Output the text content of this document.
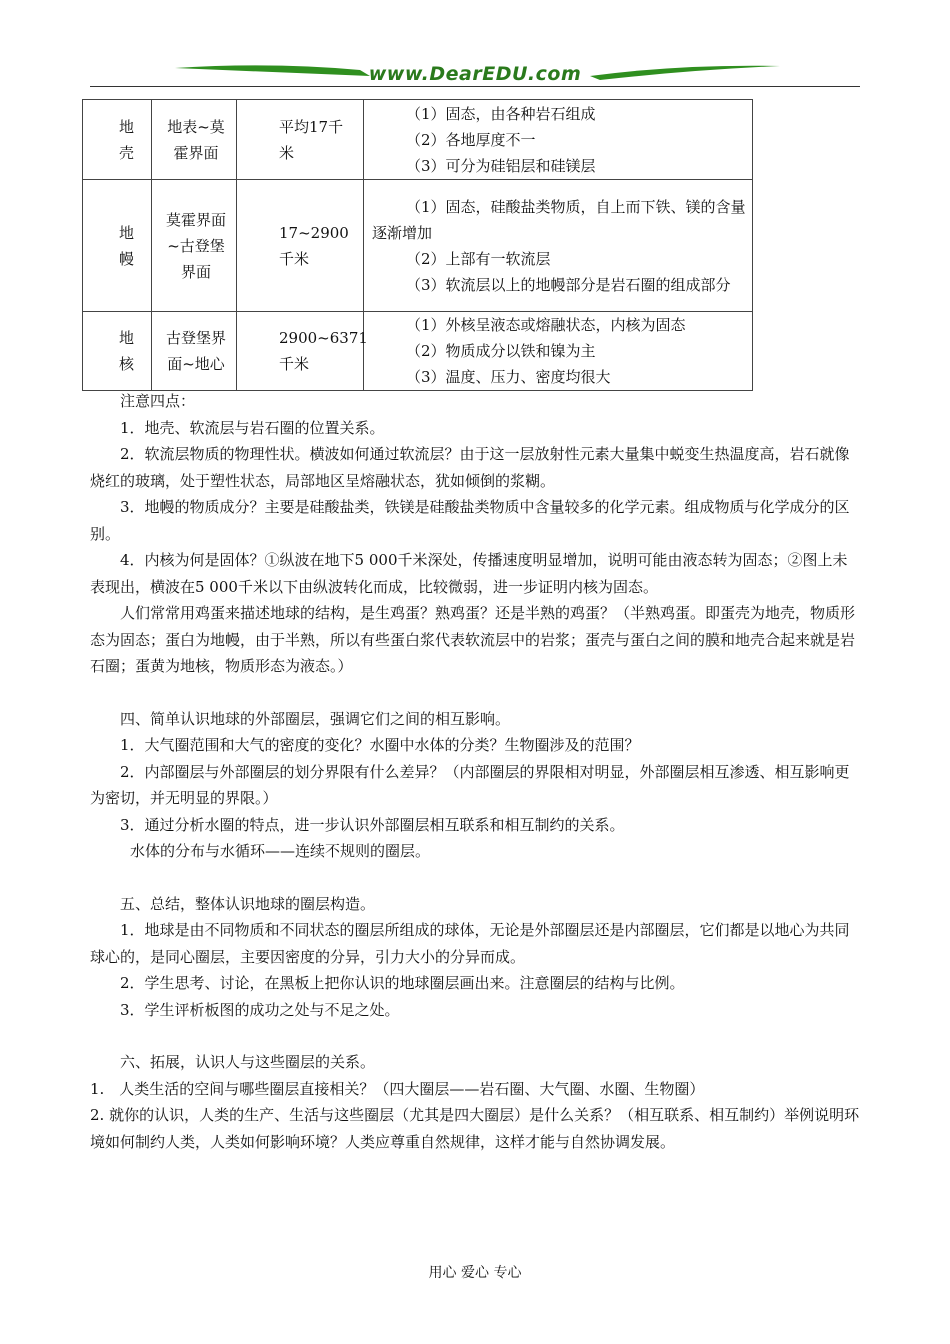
www.DearEDU.com
地壳	地表~莫霍界面	平均17千米	（1）固态，由各种岩石组成

（2）各地厚度不一

（3）可分为硅铝层和硅镁层

地幔	莫霍界面~古登堡界面	17~2900千米	（1）固态，硅酸盐类物质，自上而下铁、镁的含量逐渐增加

（2）上部有一软流层

（3）软流层以上的地幔部分是岩石圈的组成部分

地核	古登堡界面~地心	2900~6371千米	（1）外核呈液态或熔融状态，内核为固态

（2）物质成分以铁和镍为主

（3）温度、压力、密度均很大

注意四点：

1．地壳、软流层与岩石圈的位置关系。

2．软流层物质的物理性状。横波如何通过软流层？由于这一层放射性元素大量集中蜕变生热温度高，岩石就像烧红的玻璃，处于塑性状态，局部地区呈熔融状态，犹如倾倒的浆糊。

3．地幔的物质成分？主要是硅酸盐类，铁镁是硅酸盐类物质中含量较多的化学元素。组成物质与化学成分的区别。

4．内核为何是固体？①纵波在地下5 000千米深处，传播速度明显增加，说明可能由液态转为固态；②图上未表现出，横波在5 000千米以下由纵波转化而成，比较微弱，进一步证明内核为固态。

人们常常用鸡蛋来描述地球的结构，是生鸡蛋？熟鸡蛋？还是半熟的鸡蛋？（半熟鸡蛋。即蛋壳为地壳，物质形态为固态；蛋白为地幔，由于半熟，所以有些蛋白浆代表软流层中的岩浆；蛋壳与蛋白之间的膜和地壳合起来就是岩石圈；蛋黄为地核，物质形态为液态。）

四、简单认识地球的外部圈层，强调它们之间的相互影响。

1．大气圈范围和大气的密度的变化？水圈中水体的分类？生物圈涉及的范围？

2．内部圈层与外部圈层的划分界限有什么差异？（内部圈层的界限相对明显，外部圈层相互渗透、相互影响更为密切，并无明显的界限。）

3．通过分析水圈的特点，进一步认识外部圈层相互联系和相互制约的关系。

水体的分布与水循环——连续不规则的圈层。

五、总结，整体认识地球的圈层构造。

1．地球是由不同物质和不同状态的圈层所组成的球体，无论是外部圈层还是内部圈层，它们都是以地心为共同球心的，是同心圈层，主要因密度的分异，引力大小的分异而成。

2．学生思考、讨论，在黑板上把你认识的地球圈层画出来。注意圈层的结构与比例。

3．学生评析板图的成功之处与不足之处。

六、拓展，认识人与这些圈层的关系。

1.　人类生活的空间与哪些圈层直接相关？（四大圈层——岩石圈、大气圈、水圈、生物圈）

2. 就你的认识，人类的生产、生活与这些圈层（尤其是四大圈层）是什么关系？（相互联系、相互制约）举例说明环境如何制约人类，人类如何影响环境？人类应尊重自然规律，这样才能与自然协调发展。

用心 爱心 专心
